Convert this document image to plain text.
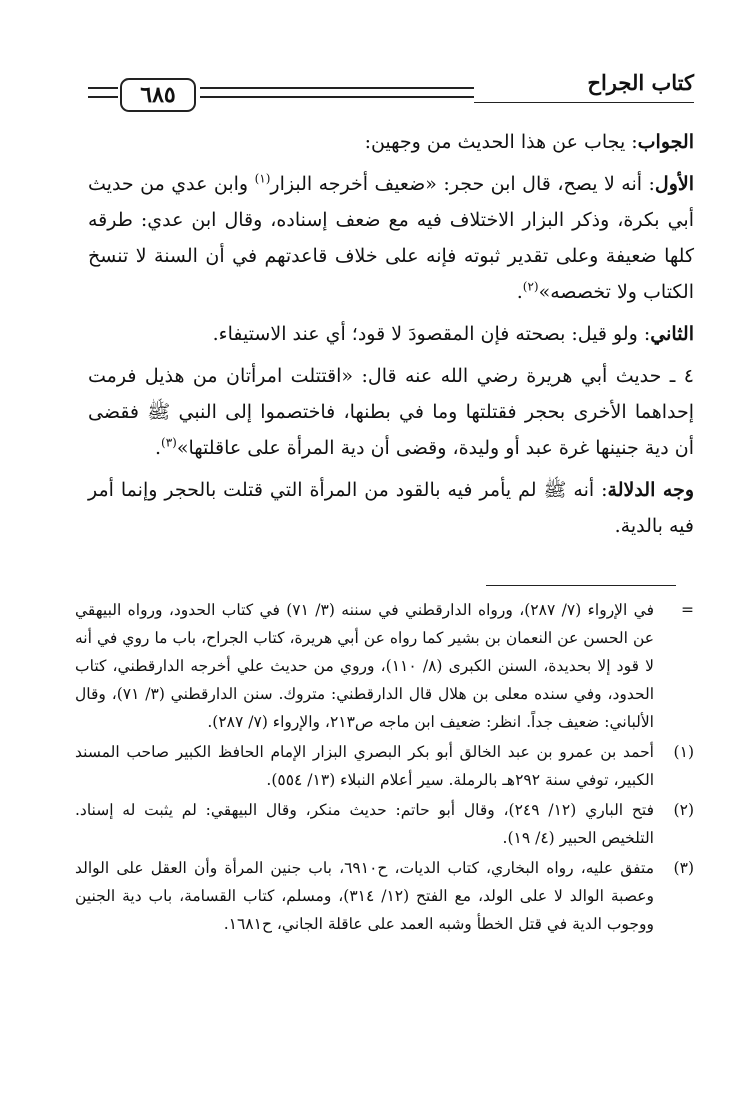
٦٨٥	كتاب الجراح

الجواب: يجاب عن هذا الحديث من وجهين:

الأول: أنه لا يصح، قال ابن حجر: «ضعيف أخرجه البزار$^{(١)}$ وابن عدي من حديث أبي بكرة، وذكر البزار الاختلاف فيه مع ضعف إسناده، وقال ابن عدي: طرقه كلها ضعيفة وعلى تقدير ثبوته فإنه على خلاف قاعدتهم في أن السنة لا تنسخ الكتاب ولا تخصصه»$^{(٢)}$.

الثاني: ولو قيل: بصحته فإن المقصودَ لا قود؛ أي عند الاستيفاء.

٤ ـ حديث أبي هريرة رضي الله عنه قال: «اقتتلت امرأتان من هذيل فرمت إحداهما الأخرى بحجر فقتلتها وما في بطنها، فاختصموا إلى النبي ﷺ فقضى أن دية جنينها غرة عبد أو وليدة، وقضى أن دية المرأة على عاقلتها»$^{(٣)}$.

وجه الدلالة: أنه ﷺ لم يأمر فيه بالقود من المرأة التي قتلت بالحجر وإنما أمر فيه بالدية.

=
في الإرواء (٧/ ٢٨٧)، ورواه الدارقطني في سننه (٣/ ٧١) في كتاب الحدود، ورواه البيهقي عن الحسن عن النعمان بن بشير كما رواه عن أبي هريرة، كتاب الجراح، باب ما روي في أنه لا قود إلا بحديدة، السنن الكبرى (٨/ ١١٠)، وروي من حديث علي أخرجه الدارقطني، كتاب الحدود، وفي سنده معلى بن هلال قال الدارقطني: متروك. سنن الدارقطني (٣/ ٧١)، وقال الألباني: ضعيف جداً. انظر: ضعيف ابن ماجه ص٢١٣، والإرواء (٧/ ٢٨٧).
(١)
أحمد بن عمرو بن عبد الخالق أبو بكر البصري البزار الإمام الحافظ الكبير صاحب المسند الكبير، توفي سنة ٢٩٢هـ بالرملة. سير أعلام النبلاء (١٣/ ٥٥٤).
(٢)
فتح الباري (١٢/ ٢٤٩)، وقال أبو حاتم: حديث منكر، وقال البيهقي: لم يثبت له إسناد. التلخيص الحبير (٤/ ١٩).
(٣)
متفق عليه، رواه البخاري، كتاب الديات، ح٦٩١٠، باب جنين المرأة وأن العقل على الوالد وعصبة الوالد لا على الولد، مع الفتح (١٢/ ٣١٤)، ومسلم، كتاب القسامة، باب دية الجنين ووجوب الدية في قتل الخطأ وشبه العمد على عاقلة الجاني، ح١٦٨١.
